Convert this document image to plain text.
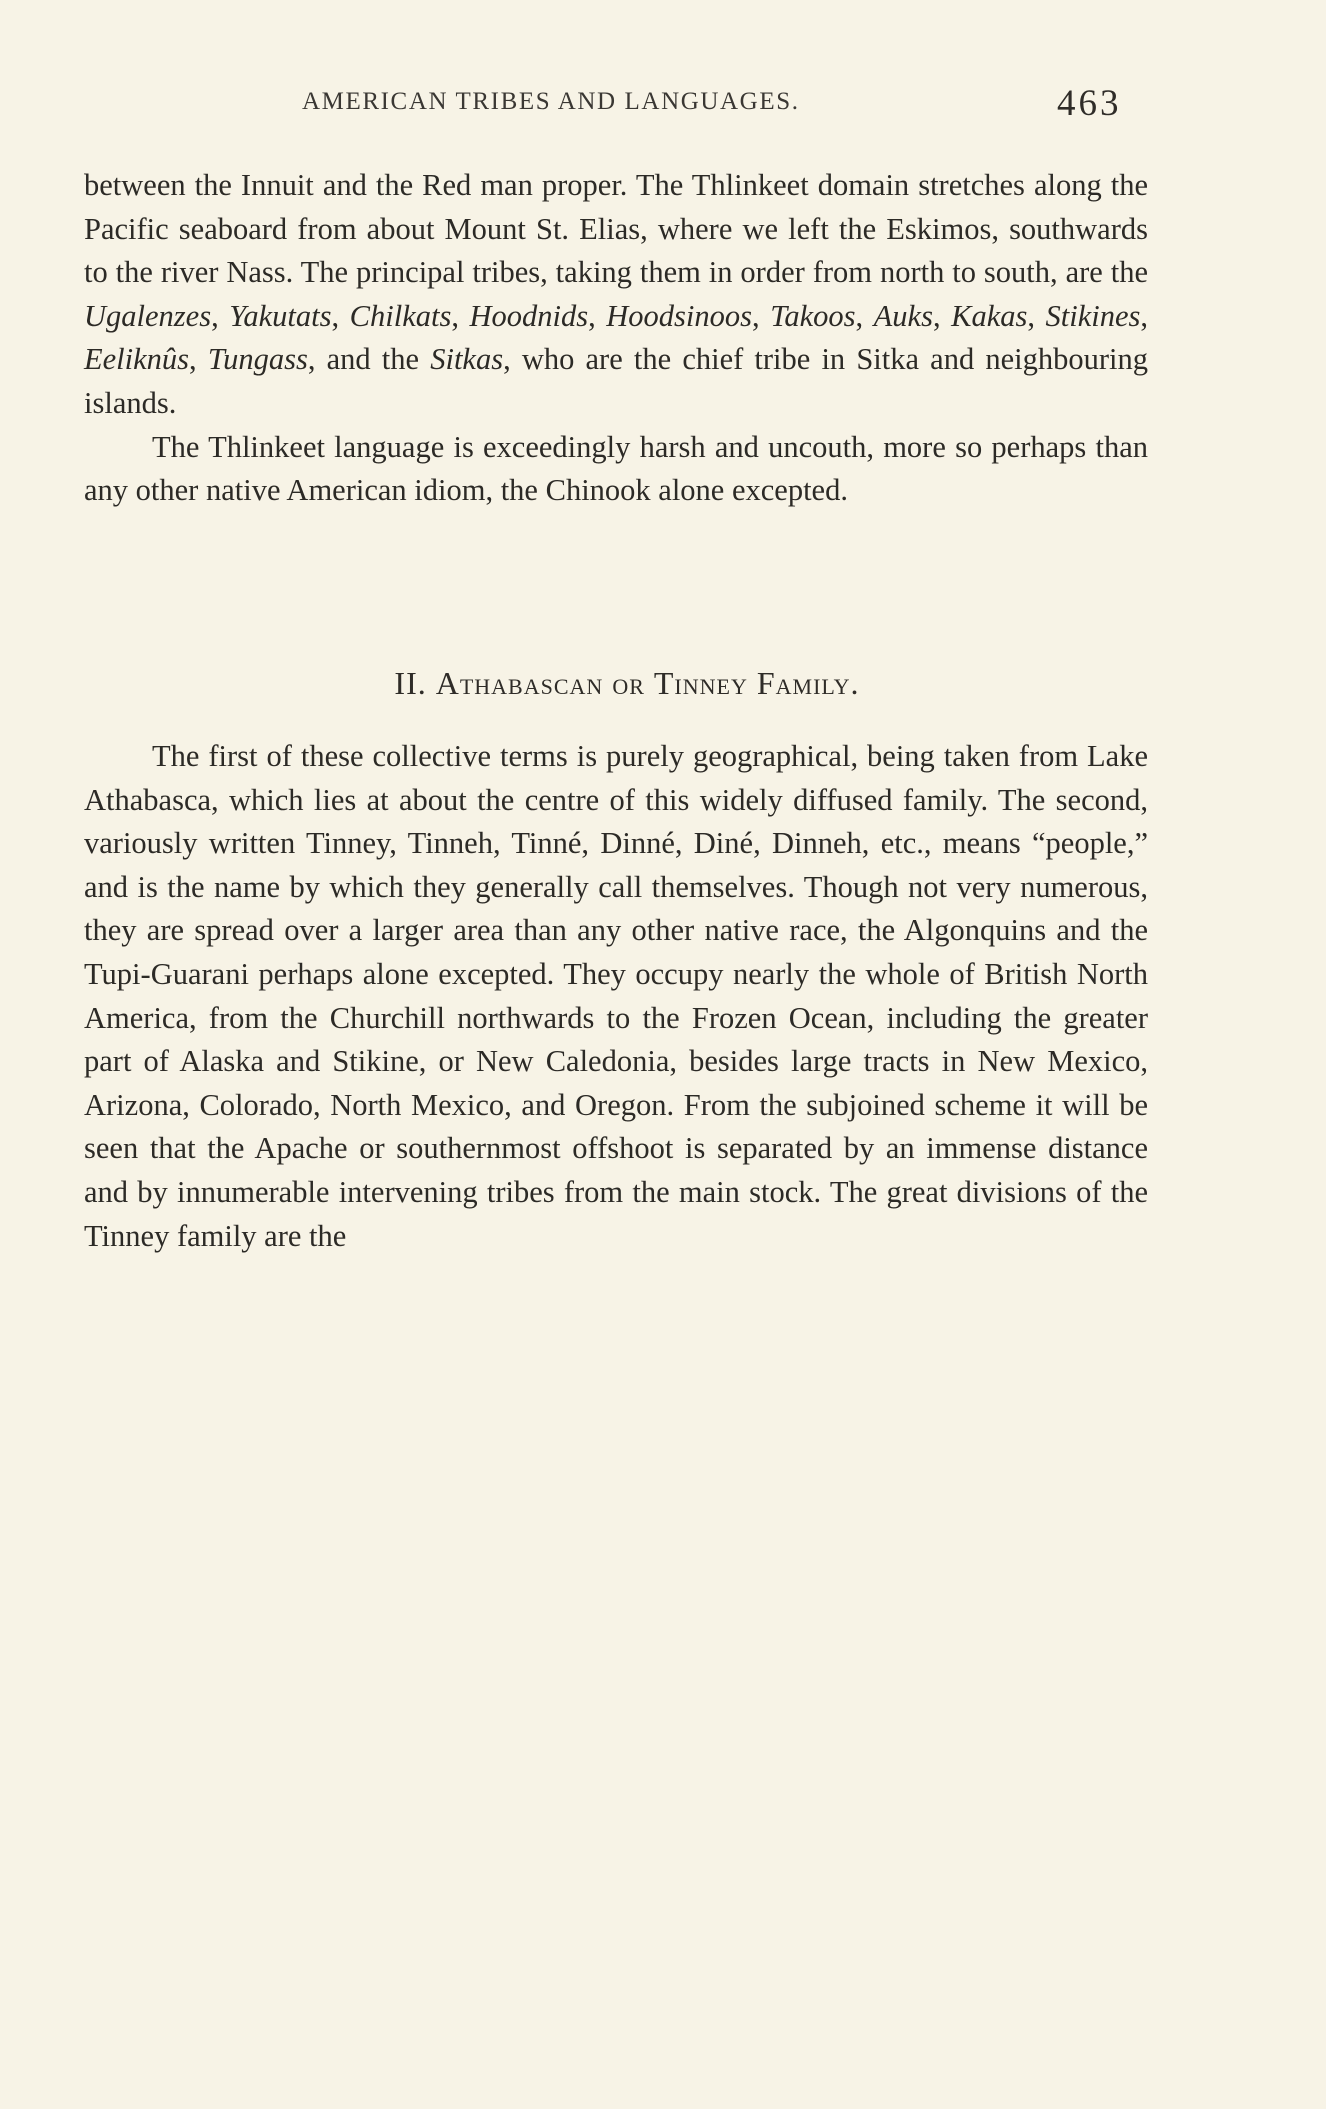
AMERICAN TRIBES AND LANGUAGES.	463

between the Innuit and the Red man proper. The Thlinkeet domain stretches along the Pacific seaboard from about Mount St. Elias, where we left the Eskimos, southwards to the river Nass. The principal tribes, taking them in order from north to south, are the Ugalenzes, Yakutats, Chilkats, Hoodnids, Hoodsinoos, Takoos, Auks, Kakas, Stikines, Eeliknûs, Tungass, and the Sitkas, who are the chief tribe in Sitka and neighbouring islands.

The Thlinkeet language is exceedingly harsh and uncouth, more so perhaps than any other native American idiom, the Chinook alone excepted.

II. Athabascan or Tinney Family.

The first of these collective terms is purely geographical, being taken from Lake Athabasca, which lies at about the centre of this widely diffused family. The second, variously written Tinney, Tinneh, Tinné, Dinné, Diné, Dinneh, etc., means “people,” and is the name by which they generally call themselves. Though not very numerous, they are spread over a larger area than any other native race, the Algonquins and the Tupi-Guarani perhaps alone excepted. They occupy nearly the whole of British North America, from the Churchill northwards to the Frozen Ocean, including the greater part of Alaska and Stikine, or New Caledonia, besides large tracts in New Mexico, Arizona, Colorado, North Mexico, and Oregon. From the subjoined scheme it will be seen that the Apache or southernmost offshoot is separated by an immense distance and by innumerable intervening tribes from the main stock. The great divisions of the Tinney family are the
